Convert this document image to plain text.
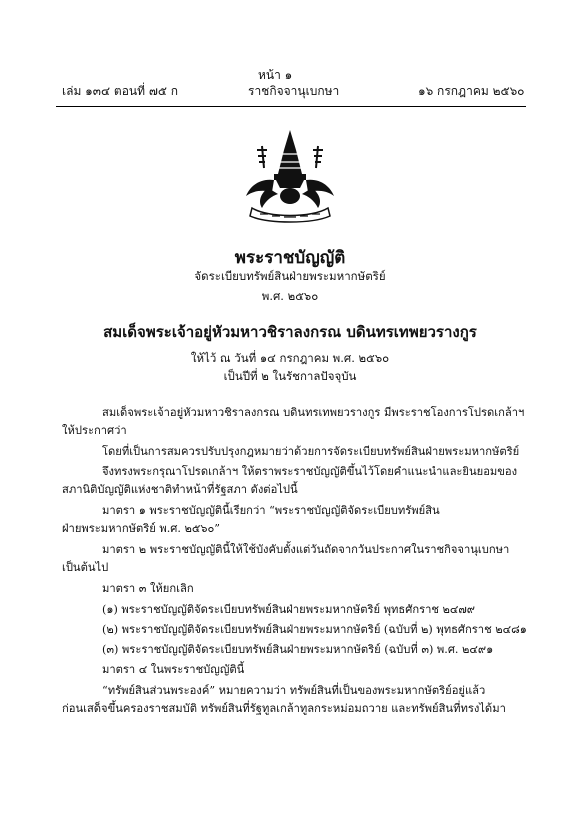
หน้า ๑
เล่ม ๑๓๔ ตอนที่ ๗๕ ก	ราชกิจจานุเบกษา	๑๖ กรกฎาคม ๒๕๖๐
พระราชบัญญัติ
จัดระเบียบทรัพย์สินฝ่ายพระมหากษัตริย์
พ.ศ. ๒๕๖๐
สมเด็จพระเจ้าอยู่หัวมหาวชิราลงกรณ บดินทรเทพยวรางกูร
ให้ไว้ ณ วันที่ ๑๔ กรกฎาคม พ.ศ. ๒๕๖๐
เป็นปีที่ ๒ ในรัชกาลปัจจุบัน
สมเด็จพระเจ้าอยู่หัวมหาวชิราลงกรณ บดินทรเทพยวรางกูร มีพระราชโองการโปรดเกล้าฯ
ให้ประกาศว่า
โดยที่เป็นการสมควรปรับปรุงกฎหมายว่าด้วยการจัดระเบียบทรัพย์สินฝ่ายพระมหากษัตริย์
จึงทรงพระกรุณาโปรดเกล้าฯ ให้ตราพระราชบัญญัติขึ้นไว้โดยคำแนะนำและยินยอมของ
สภานิติบัญญัติแห่งชาติทำหน้าที่รัฐสภา ดังต่อไปนี้
มาตรา ๑ พระราชบัญญัตินี้เรียกว่า “พระราชบัญญัติจัดระเบียบทรัพย์สิน
ฝ่ายพระมหากษัตริย์ พ.ศ. ๒๕๖๐”
มาตรา ๒ พระราชบัญญัตินี้ให้ใช้บังคับตั้งแต่วันถัดจากวันประกาศในราชกิจจานุเบกษา
เป็นต้นไป
มาตรา ๓ ให้ยกเลิก
(๑) พระราชบัญญัติจัดระเบียบทรัพย์สินฝ่ายพระมหากษัตริย์ พุทธศักราช ๒๔๗๙
(๒) พระราชบัญญัติจัดระเบียบทรัพย์สินฝ่ายพระมหากษัตริย์ (ฉบับที่ ๒) พุทธศักราช ๒๔๘๑
(๓) พระราชบัญญัติจัดระเบียบทรัพย์สินฝ่ายพระมหากษัตริย์ (ฉบับที่ ๓) พ.ศ. ๒๔๙๑
มาตรา ๔ ในพระราชบัญญัตินี้
“ทรัพย์สินส่วนพระองค์” หมายความว่า ทรัพย์สินที่เป็นของพระมหากษัตริย์อยู่แล้ว
ก่อนเสด็จขึ้นครองราชสมบัติ ทรัพย์สินที่รัฐทูลเกล้าทูลกระหม่อมถวาย และทรัพย์สินที่ทรงได้มา
